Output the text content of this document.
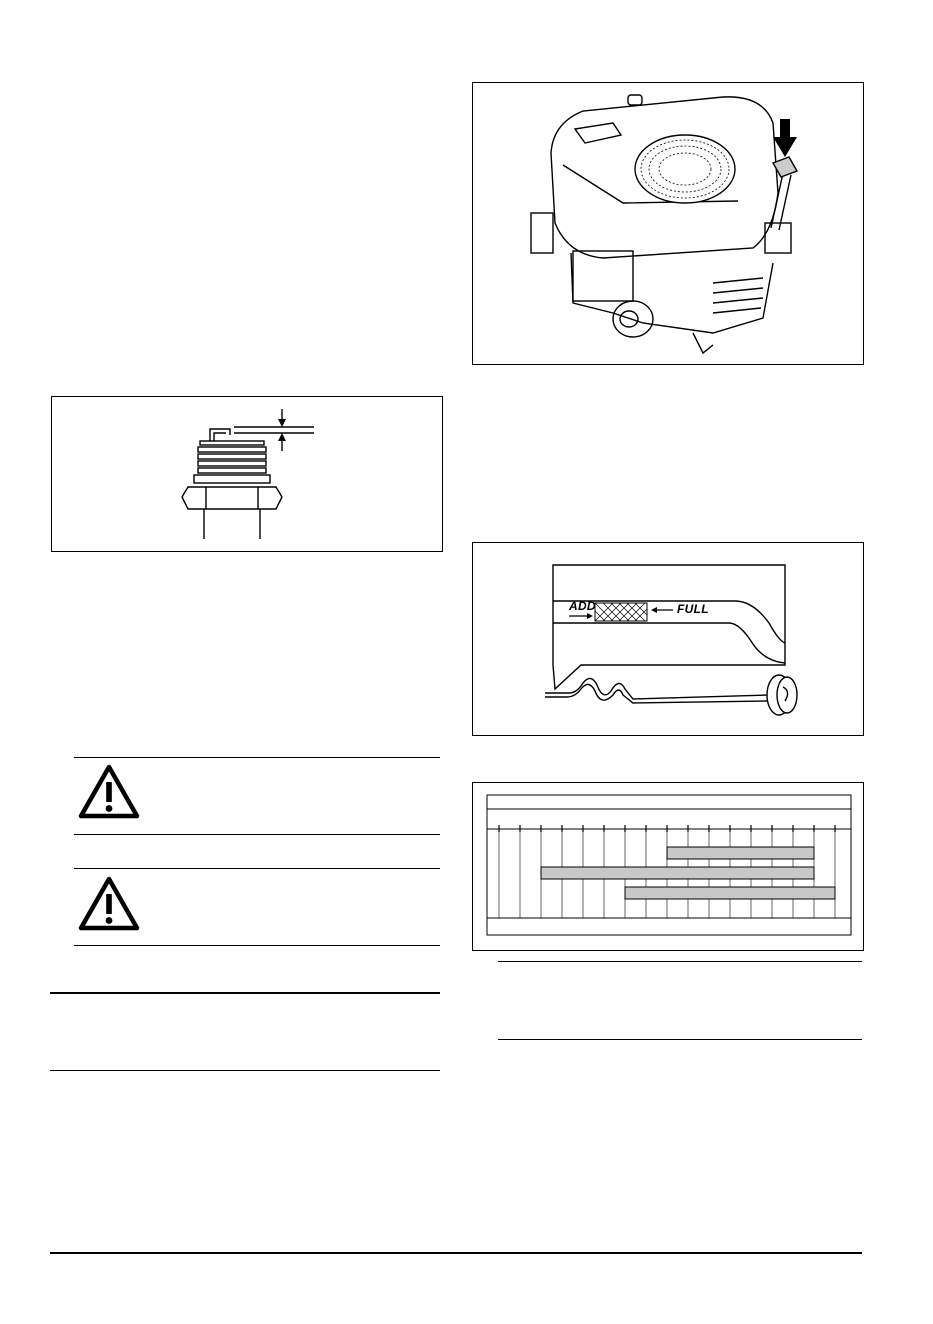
ADD	FULL
